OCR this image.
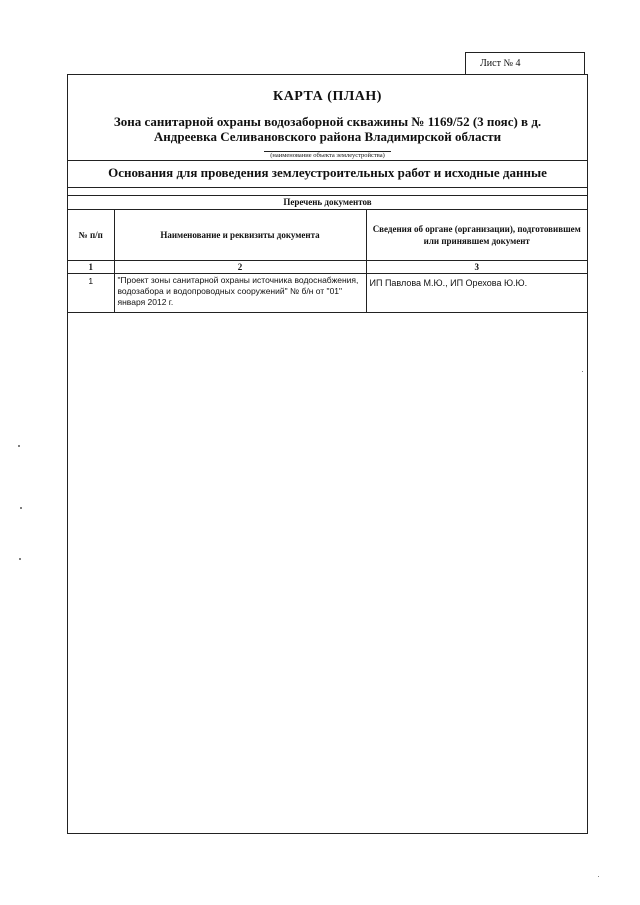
Лист № 4
КАРТА (ПЛАН)
Зона санитарной охраны водозаборной скважины № 1169/52 (3 пояс) в д.
Андреевка Селивановского района Владимирской области
(наименование объекта землеустройства)
Основания для проведения землеустроительных работ и исходные данные
Перечень документов		
№ п/п	Наименование и реквизиты документа	Сведения об органе (организации), подготовившем или принявшем документ
1	2	3
1	"Проект зоны санитарной охраны источника водоснабжения, водозабора и водопроводных сооружений" № б/н от "01" января 2012 г.	ИП Павлова М.Ю., ИП Орехова Ю.Ю.
